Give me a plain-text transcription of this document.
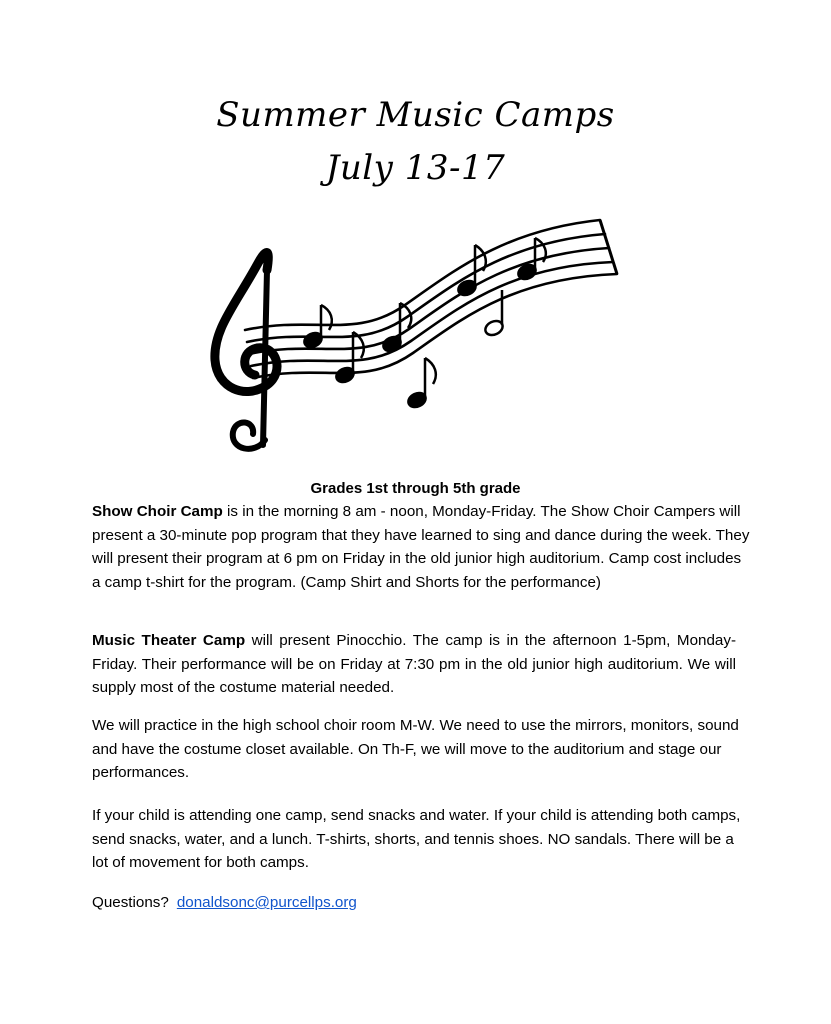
Summer Music Camps
July 13-17
Grades 1st through 5th grade
Show Choir Camp is in the morning 8 am - noon, Monday-Friday. The Show Choir Campers will present a 30-minute pop program that they have learned to sing and dance during the week. They will present their program at 6 pm on Friday in the old junior high auditorium. Camp cost includes a camp t-shirt for the program. (Camp Shirt and Shorts for the performance)
Music Theater Camp will present Pinocchio. The camp is in the afternoon 1-5pm, Monday-Friday. Their performance will be on Friday at 7:30 pm in the old junior high auditorium. We will supply most of the costume material needed.
We will practice in the high school choir room M-W. We need to use the mirrors, monitors, sound and have the costume closet available. On Th-F, we will move to the auditorium and stage our performances.
If your child is attending one camp, send snacks and water. If your child is attending both camps, send snacks, water, and a lunch. T-shirts, shorts, and tennis shoes. NO sandals. There will be a lot of movement for both camps.
Questions? donaldsonc@purcellps.org
